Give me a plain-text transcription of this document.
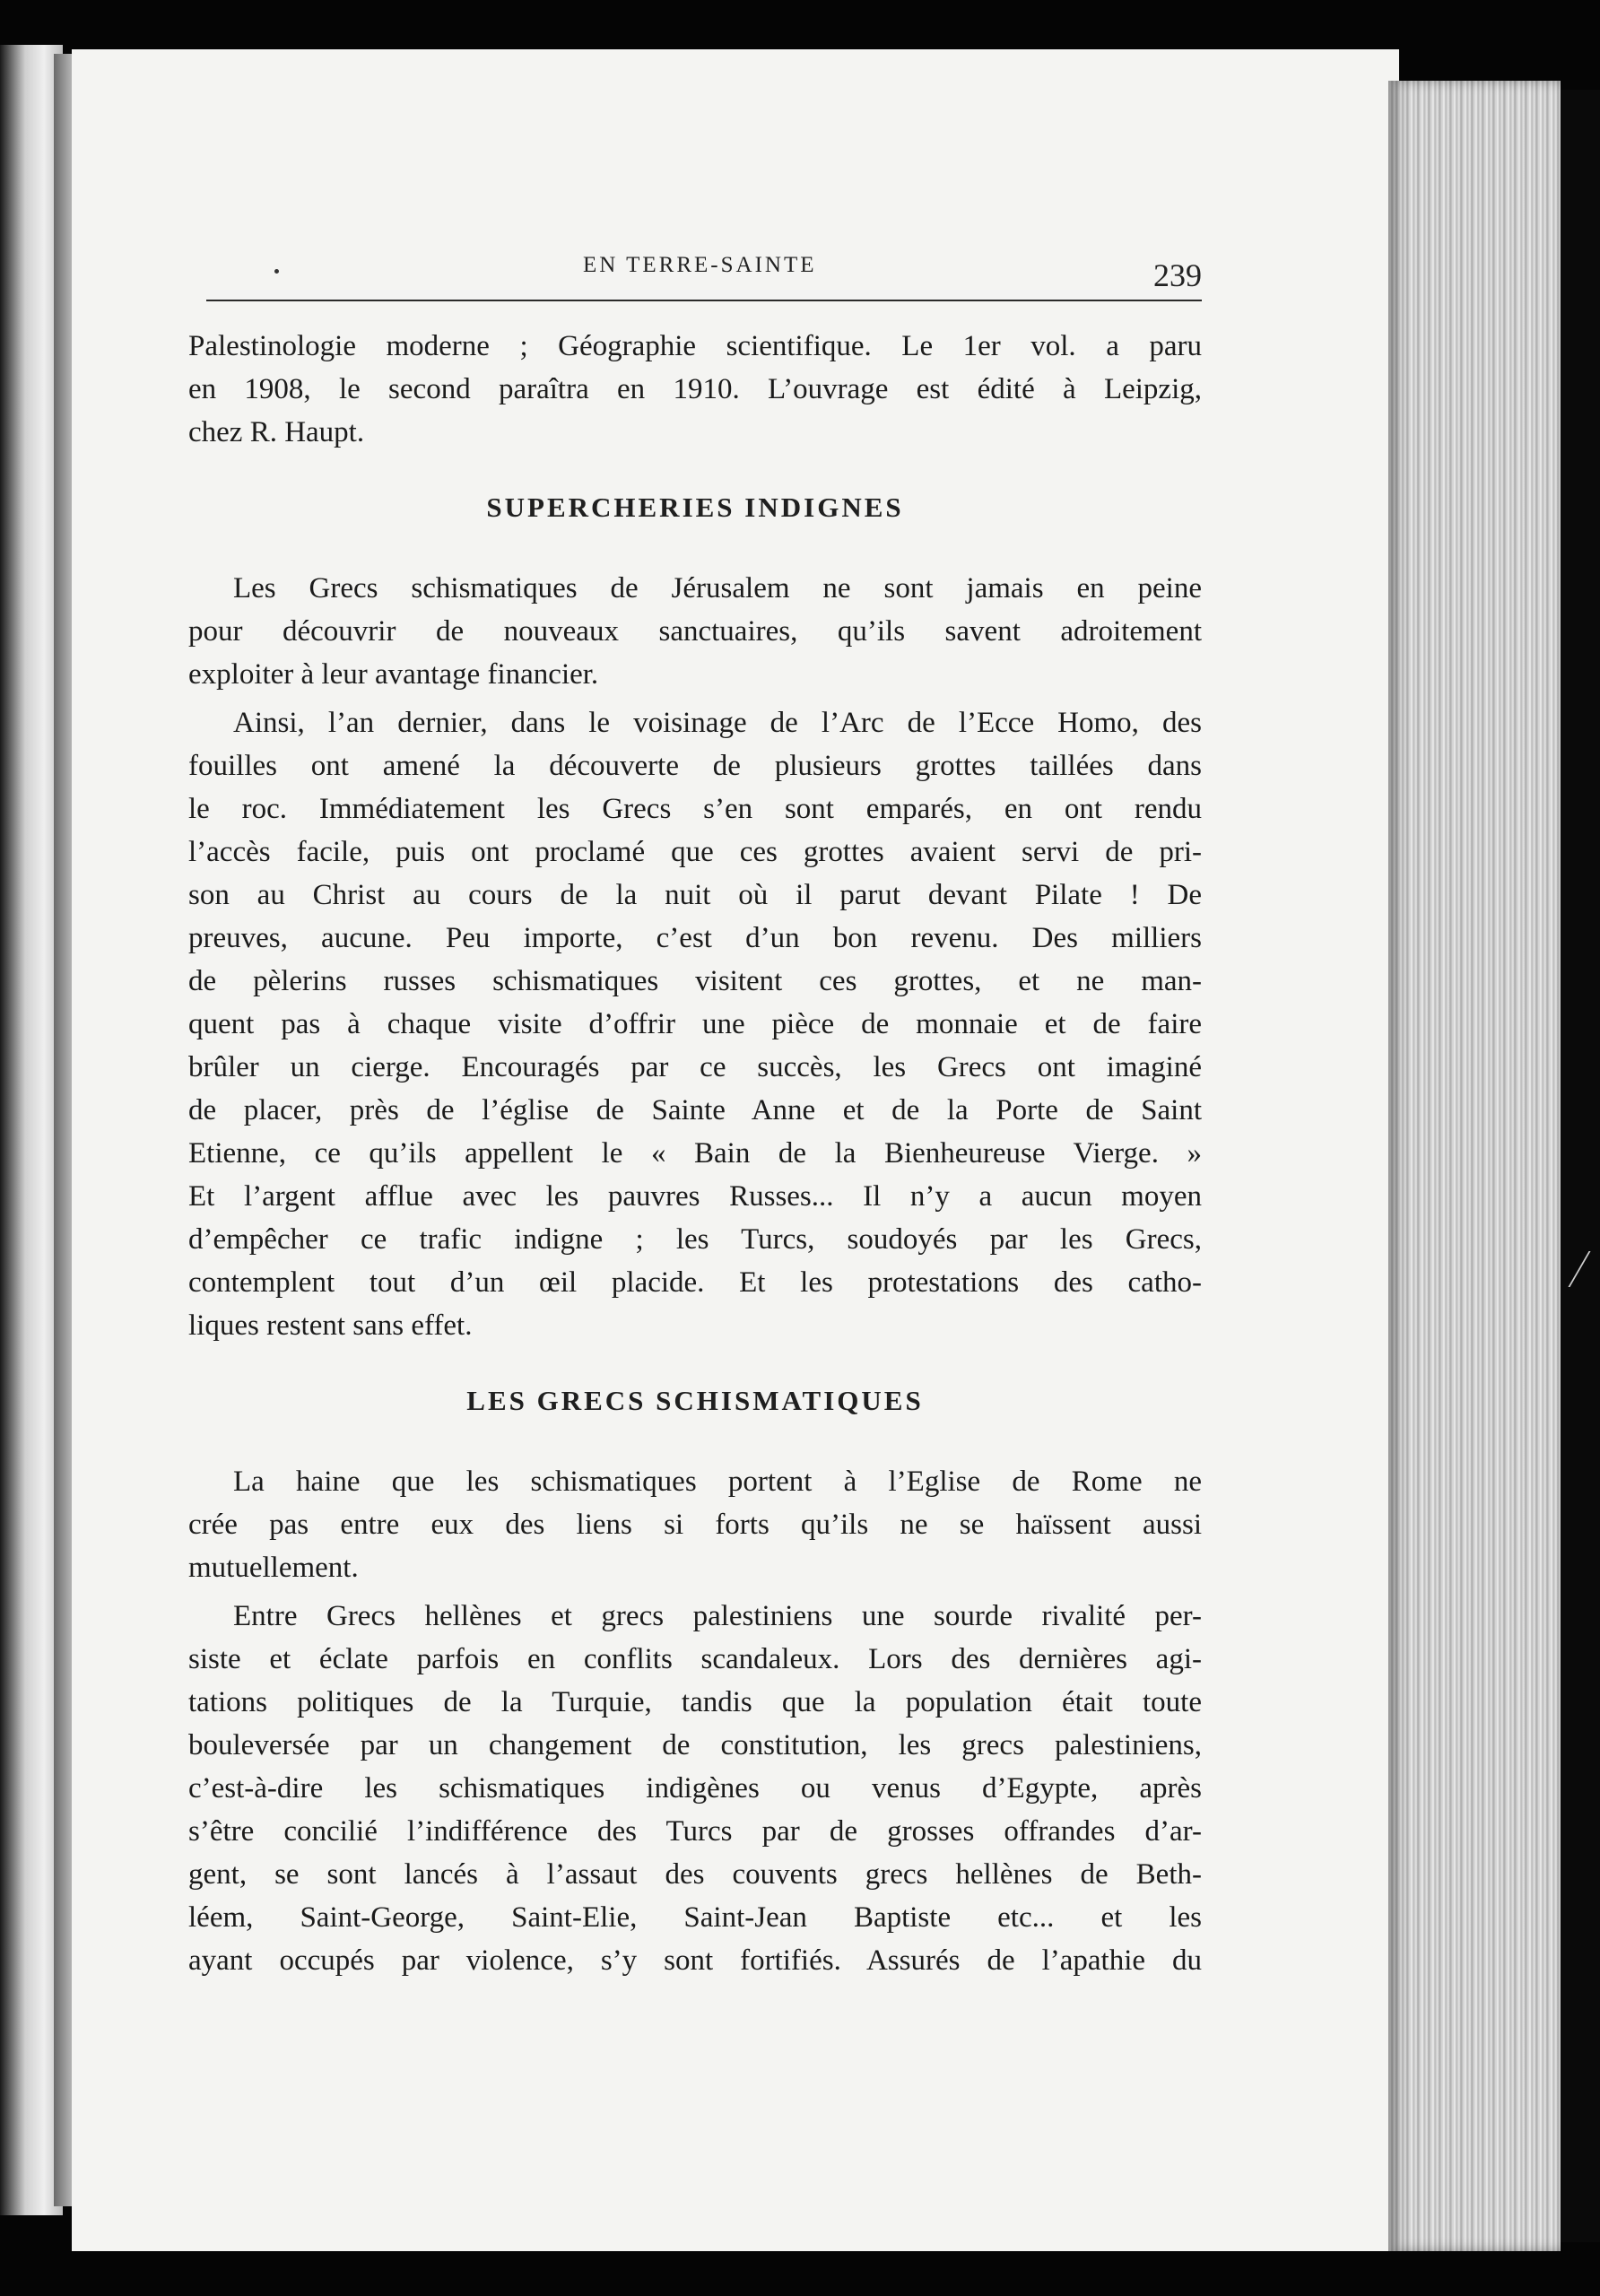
EN TERRE-SAINTE	239
Palestinologie moderne ; Géographie scientifique. Le 1er vol. a paru
en 1908, le second paraîtra en 1910. L’ouvrage est édité à Leipzig,
chez R. Haupt.
SUPERCHERIES INDIGNES
Les Grecs schismatiques de Jérusalem ne sont jamais en peine
pour découvrir de nouveaux sanctuaires, qu’ils savent adroitement
exploiter à leur avantage financier.
Ainsi, l’an dernier, dans le voisinage de l’Arc de l’Ecce Homo, des
fouilles ont amené la découverte de plusieurs grottes taillées dans
le roc. Immédiatement les Grecs s’en sont emparés, en ont rendu
l’accès facile, puis ont proclamé que ces grottes avaient servi de pri-
son au Christ au cours de la nuit où il parut devant Pilate ! De
preuves, aucune. Peu importe, c’est d’un bon revenu. Des milliers
de pèlerins russes schismatiques visitent ces grottes, et ne man-
quent pas à chaque visite d’offrir une pièce de monnaie et de faire
brûler un cierge. Encouragés par ce succès, les Grecs ont imaginé
de placer, près de l’église de Sainte Anne et de la Porte de Saint
Etienne, ce qu’ils appellent le « Bain de la Bienheureuse Vierge. »
Et l’argent afflue avec les pauvres Russes... Il n’y a aucun moyen
d’empêcher ce trafic indigne ; les Turcs, soudoyés par les Grecs,
contemplent tout d’un œil placide. Et les protestations des catho-
liques restent sans effet.
LES GRECS SCHISMATIQUES
La haine que les schismatiques portent à l’Eglise de Rome ne
crée pas entre eux des liens si forts qu’ils ne se haïssent aussi
mutuellement.
Entre Grecs hellènes et grecs palestiniens une sourde rivalité per-
siste et éclate parfois en conflits scandaleux. Lors des dernières agi-
tations politiques de la Turquie, tandis que la population était toute
bouleversée par un changement de constitution, les grecs palestiniens,
c’est-à-dire les schismatiques indigènes ou venus d’Egypte, après
s’être concilié l’indifférence des Turcs par de grosses offrandes d’ar-
gent, se sont lancés à l’assaut des couvents grecs hellènes de Beth-
léem, Saint-George, Saint-Elie, Saint-Jean Baptiste etc... et les
ayant occupés par violence, s’y sont fortifiés. Assurés de l’apathie du
